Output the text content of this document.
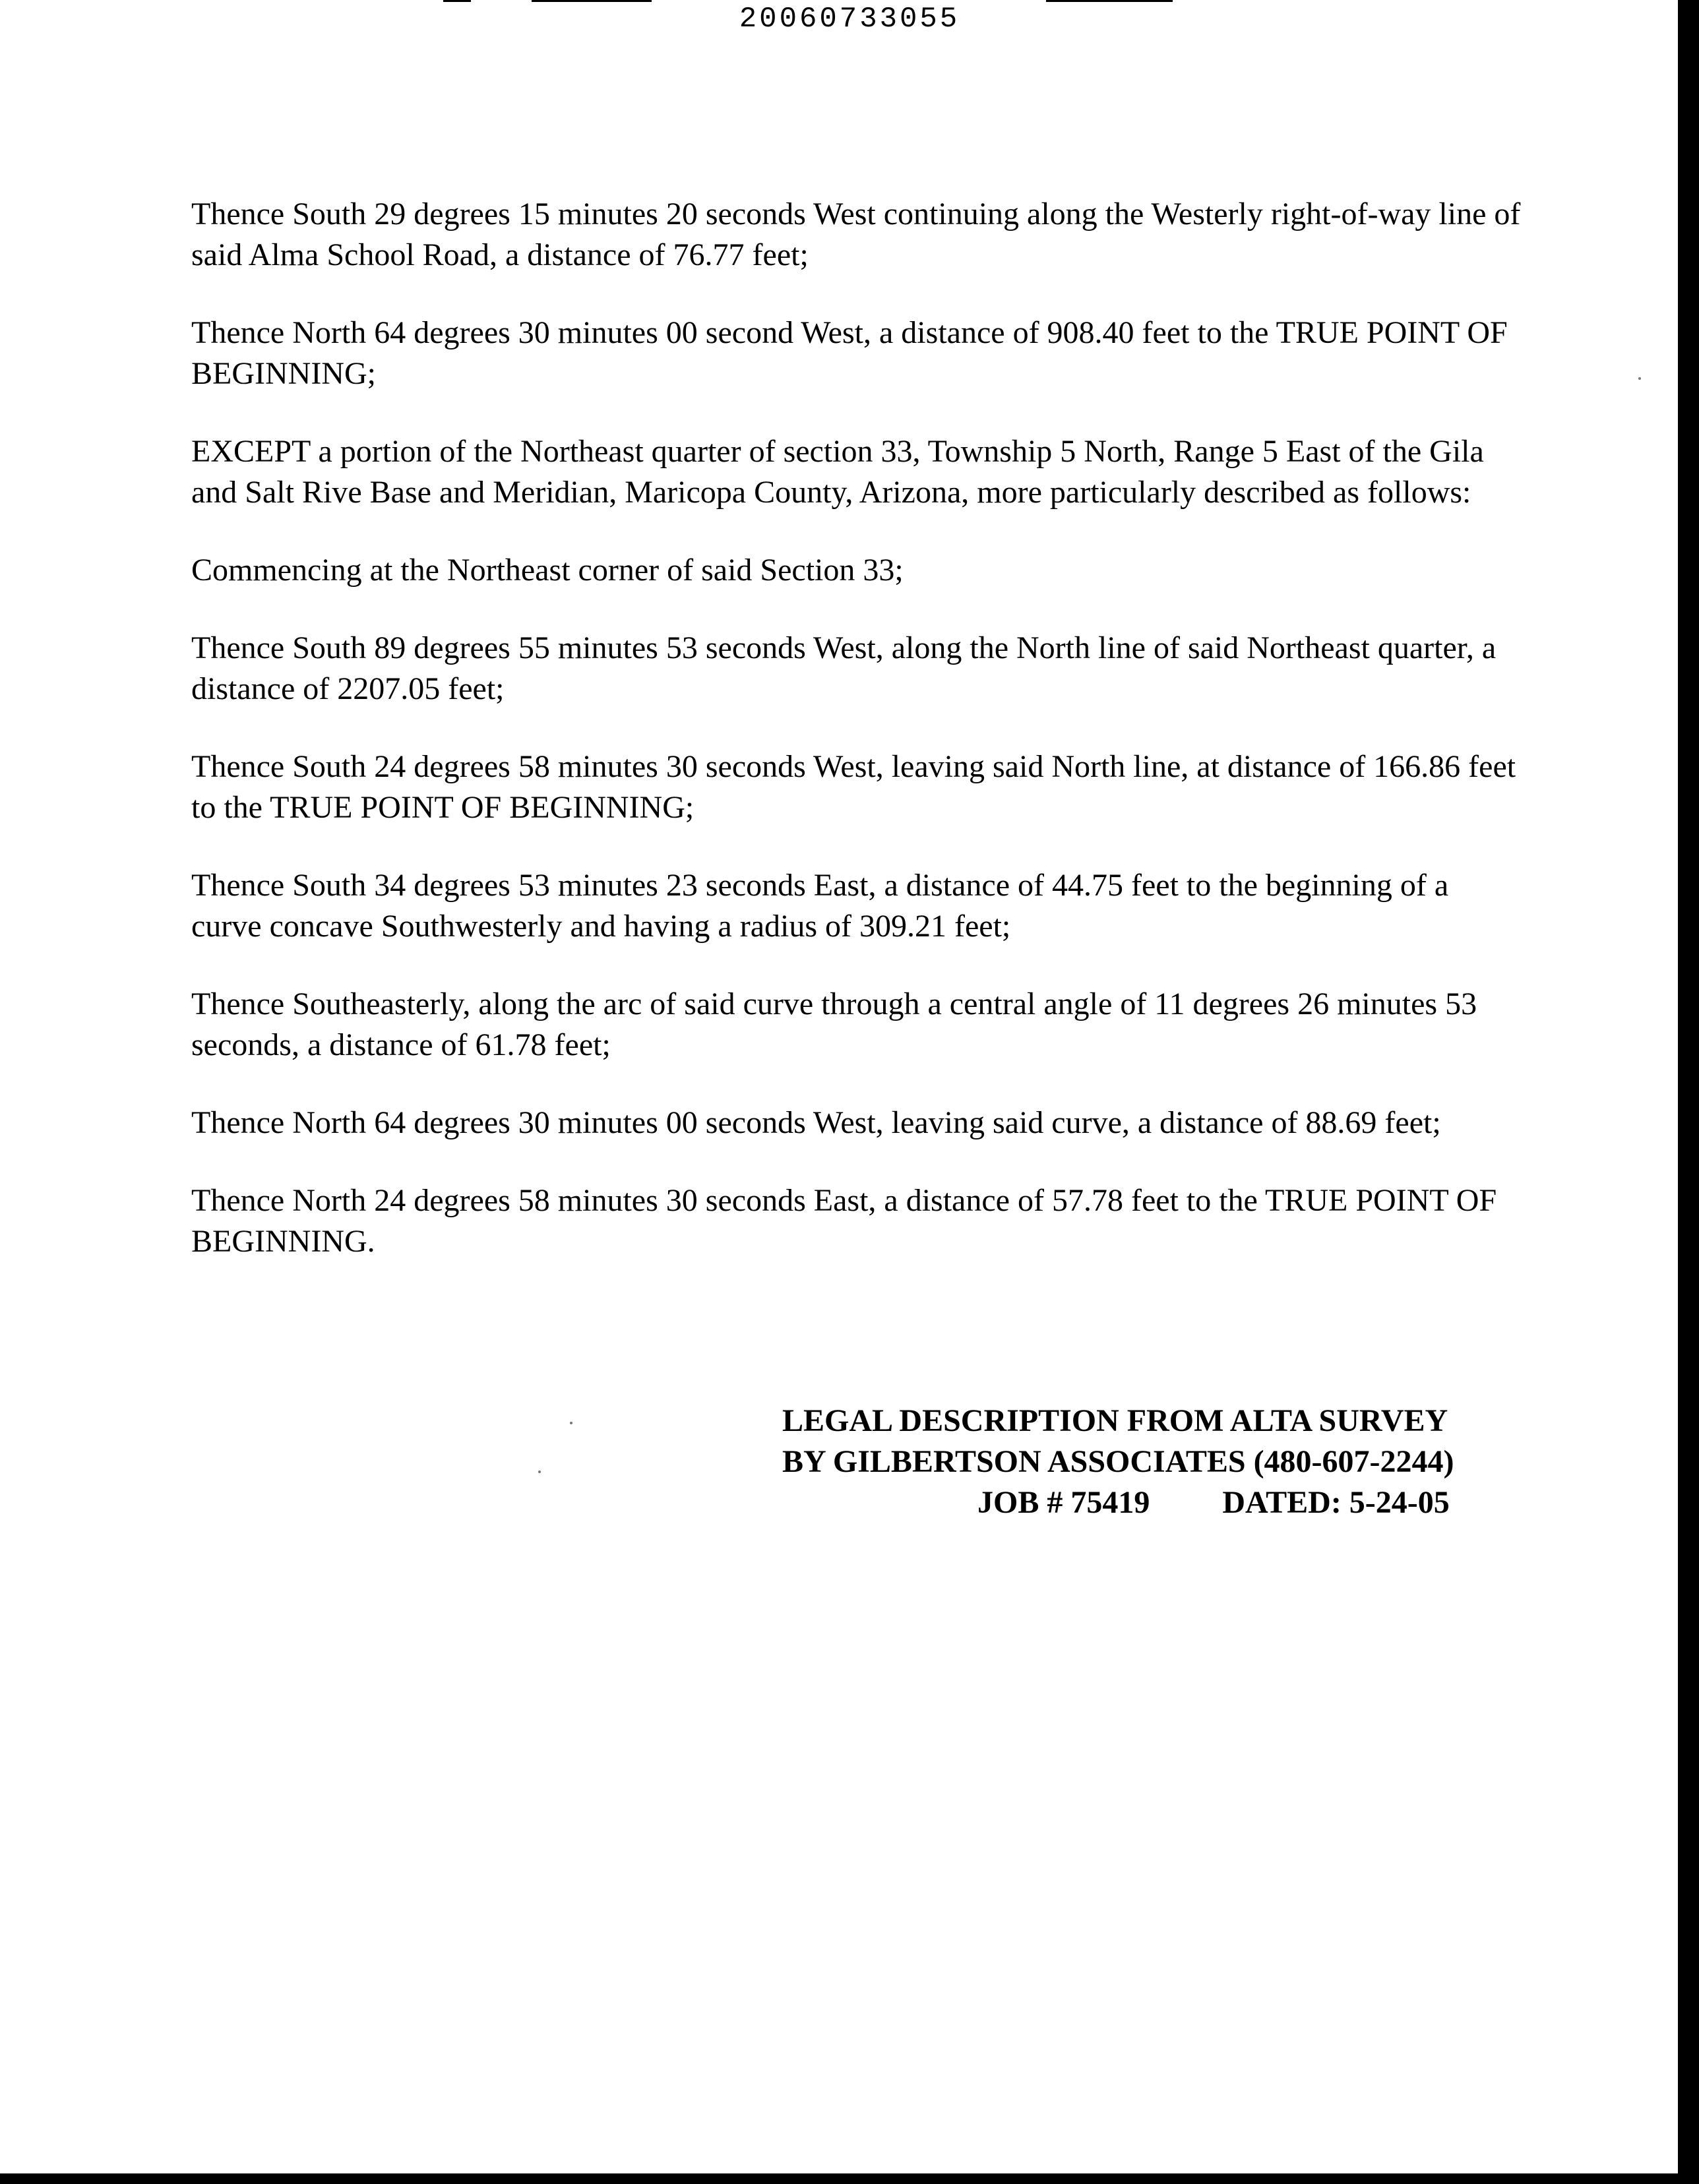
20060733055

Thence South 29 degrees 15 minutes 20 seconds West continuing along the Westerly right-of-way line of said Alma School Road, a distance of 76.77 feet;

Thence North 64 degrees 30 minutes 00 second West, a distance of 908.40 feet to the TRUE POINT OF BEGINNING;

EXCEPT a portion of the Northeast quarter of section 33, Township 5 North, Range 5 East of the Gila and Salt Rive Base and Meridian, Maricopa County, Arizona, more particularly described as follows:

Commencing at the Northeast corner of said Section 33;

Thence South 89 degrees 55 minutes 53 seconds West, along the North line of said Northeast quarter, a distance of 2207.05 feet;

Thence South 24 degrees 58 minutes 30 seconds West, leaving said North line, at distance of 166.86 feet to the TRUE POINT OF BEGINNING;

Thence South 34 degrees 53 minutes 23 seconds East, a distance of 44.75 feet to the beginning of a curve concave Southwesterly and having a radius of 309.21 feet;

Thence Southeasterly, along the arc of said curve through a central angle of 11 degrees 26 minutes 53 seconds, a distance of 61.78 feet;

Thence North 64 degrees 30 minutes 00 seconds West, leaving said curve, a distance of 88.69 feet;

Thence North 24 degrees 58 minutes 30 seconds East, a distance of 57.78 feet to the TRUE POINT OF BEGINNING.

LEGAL DESCRIPTION FROM ALTA SURVEY
BY GILBERTSON ASSOCIATES (480-607-2244)
JOB # 75419 DATED: 5-24-05
